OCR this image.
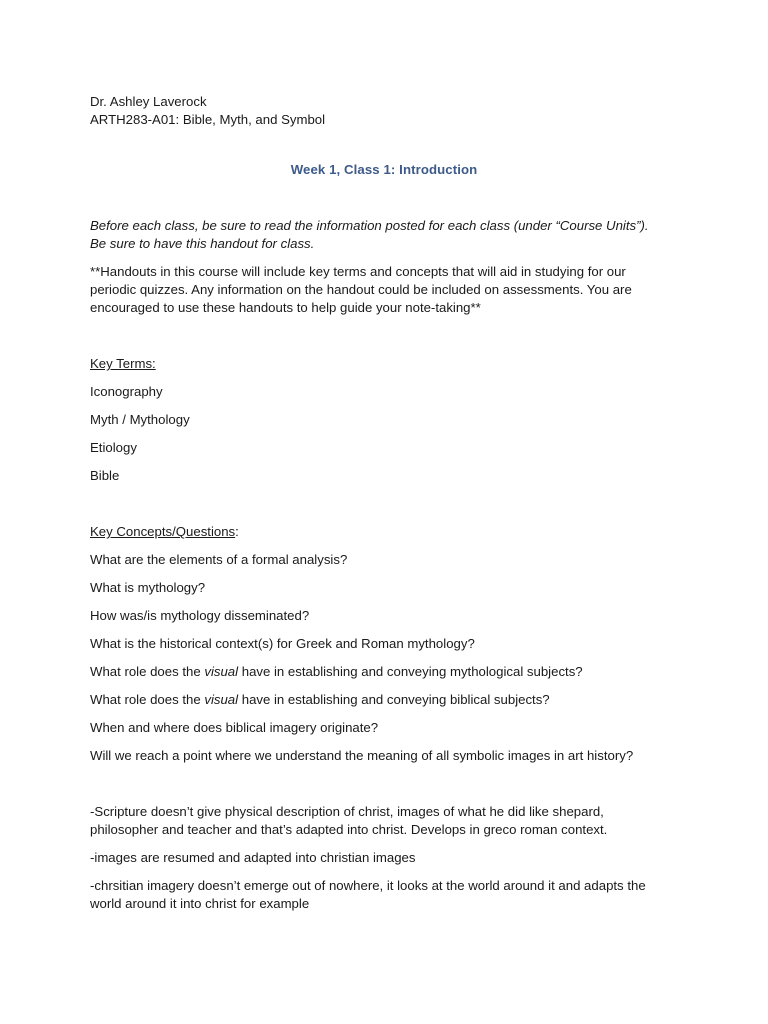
Dr. Ashley Laverock
ARTH283-A01: Bible, Myth, and Symbol
Week 1, Class 1: Introduction
Before each class, be sure to read the information posted for each class (under “Course Units”).
Be sure to have this handout for class.
**Handouts in this course will include key terms and concepts that will aid in studying for our
periodic quizzes. Any information on the handout could be included on assessments. You are
encouraged to use these handouts to help guide your note-taking**
Key Terms:
Iconography
Myth / Mythology
Etiology
Bible
Key Concepts/Questions:
What are the elements of a formal analysis?
What is mythology?
How was/is mythology disseminated?
What is the historical context(s) for Greek and Roman mythology?
What role does the visual have in establishing and conveying mythological subjects?
What role does the visual have in establishing and conveying biblical subjects?
When and where does biblical imagery originate?
Will we reach a point where we understand the meaning of all symbolic images in art history?
-Scripture doesn’t give physical description of christ, images of what he did like shepard,
philosopher and teacher and that’s adapted into christ. Develops in greco roman context.
-images are resumed and adapted into christian images
-chrsitian imagery doesn’t emerge out of nowhere, it looks at the world around it and adapts the
world around it into christ for example
